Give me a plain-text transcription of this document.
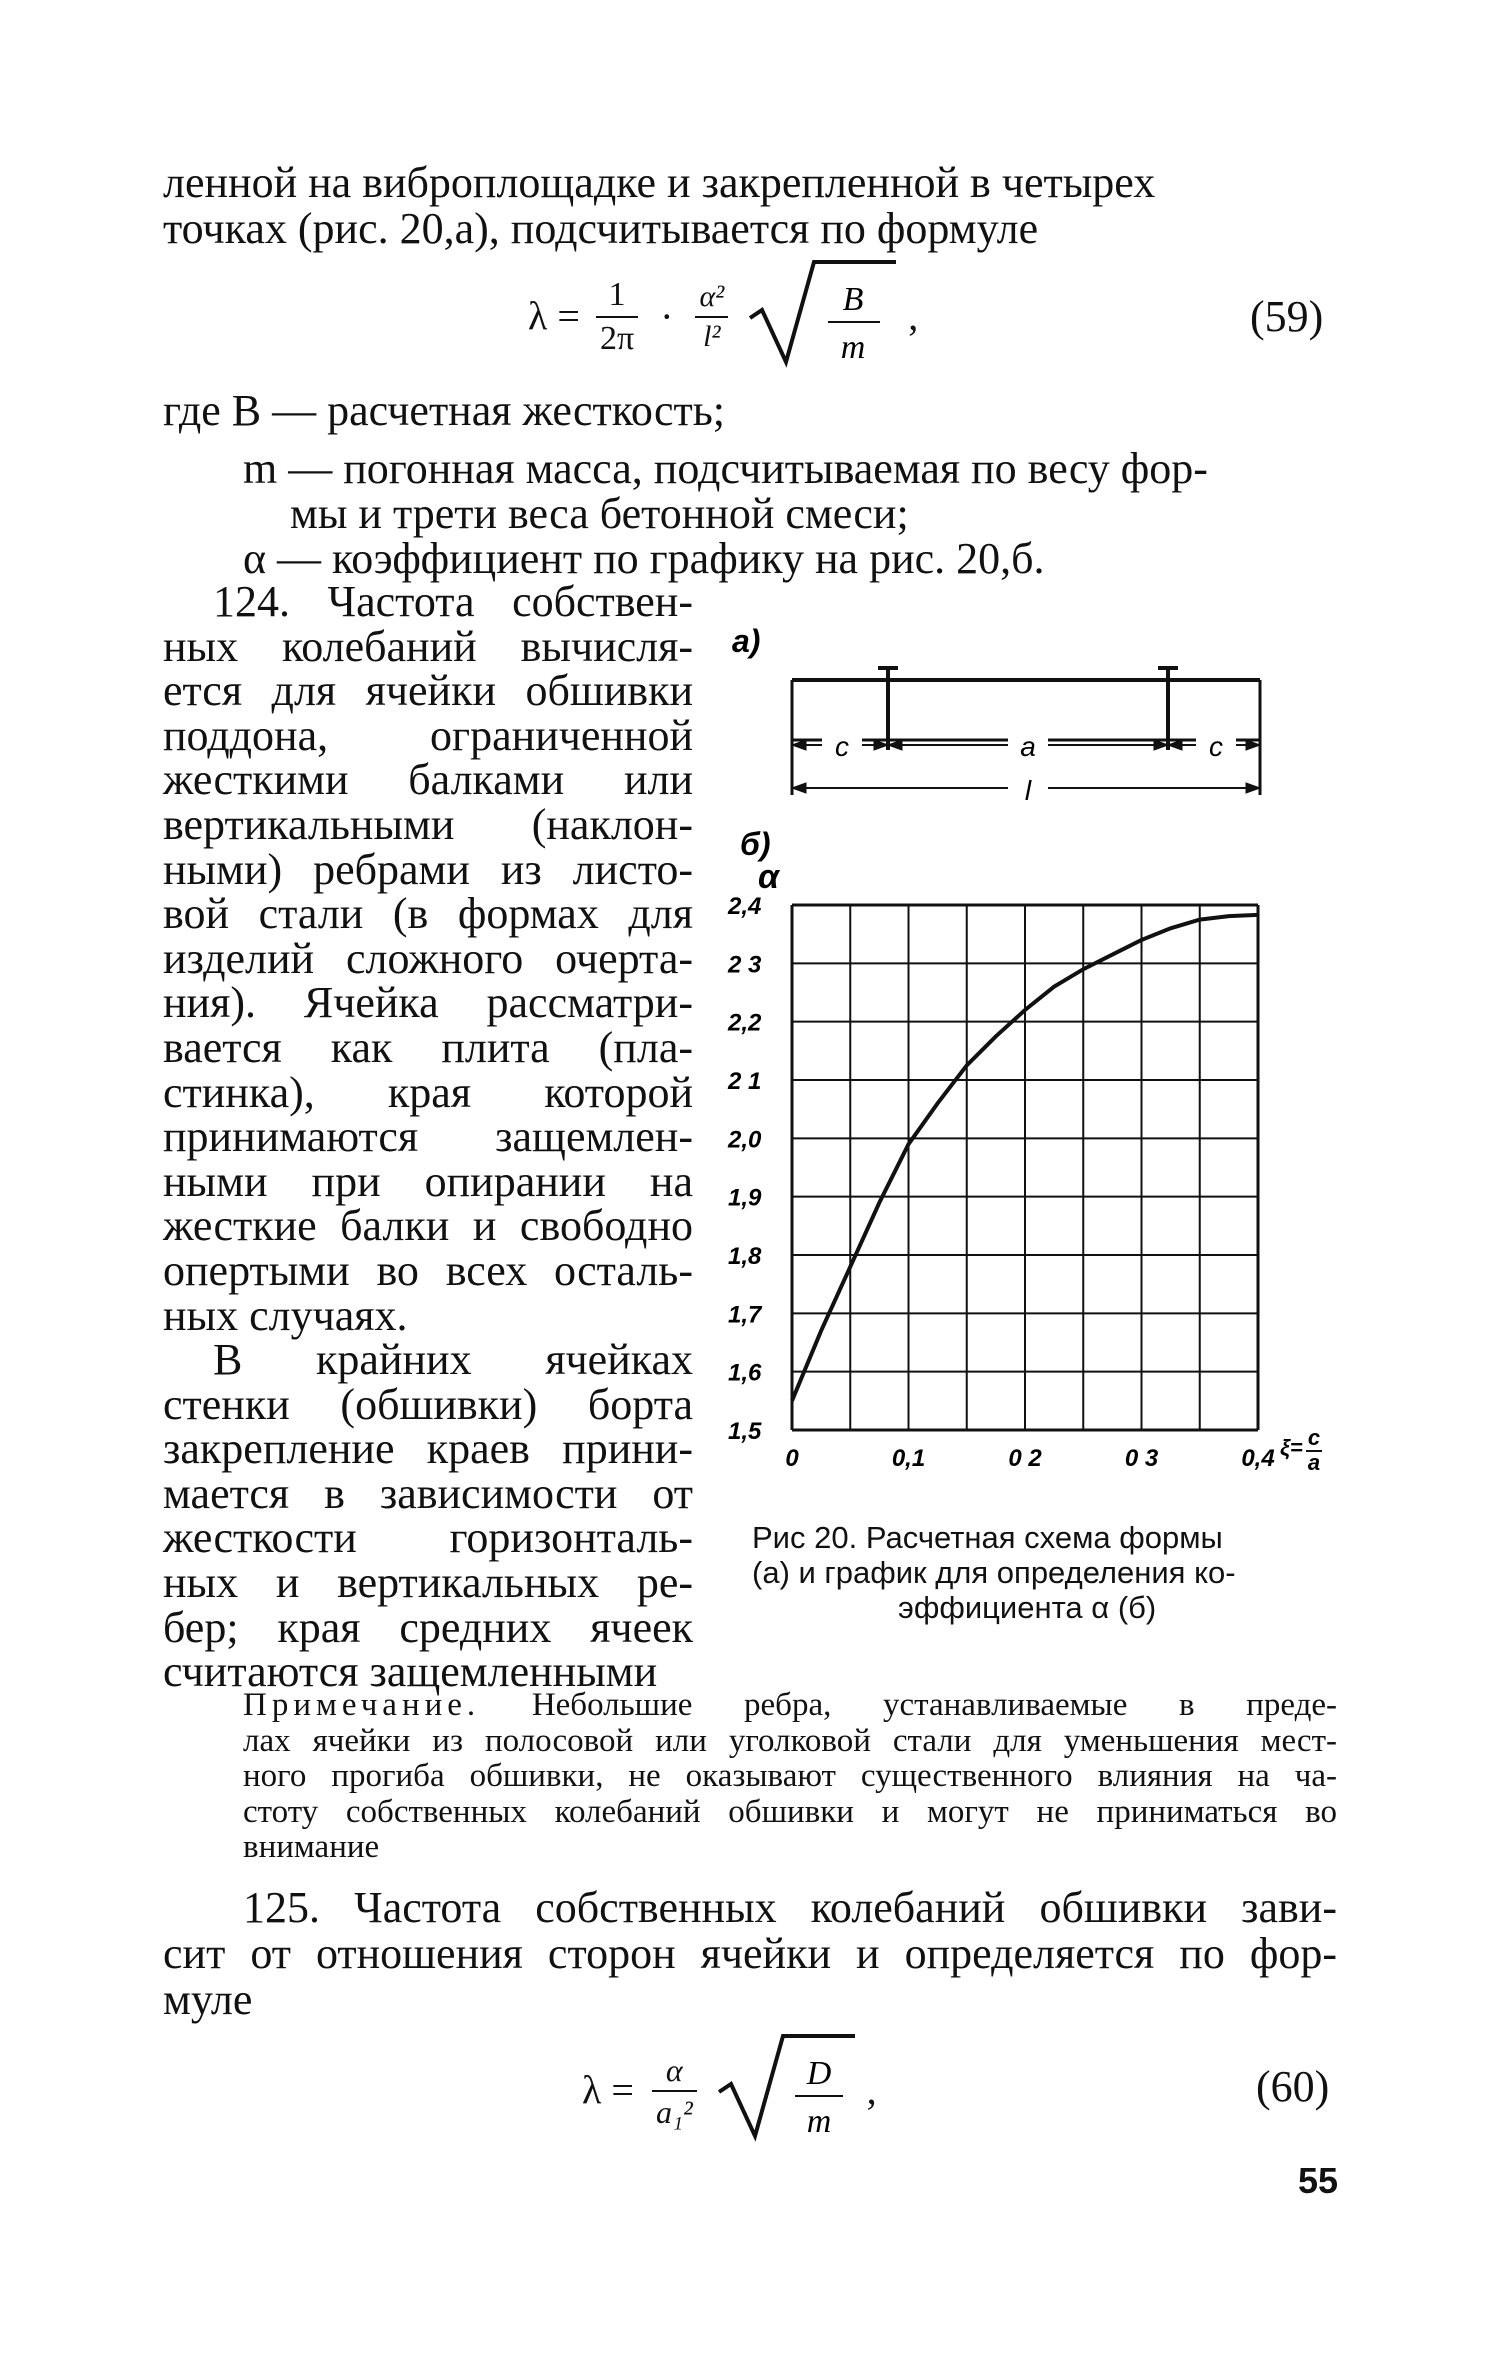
ленной на виброплощадке и закрепленной в четырех
точках (рис. 20,а), подсчитывается по формуле
$\lambda = \frac{1}{2\pi} \cdot \frac{\text{α²}}{\text{l²}}$
	B
m
,	(59)
где B — расчетная жесткость;
m — погонная масса, подсчитываемая по весу фор-
мы и трети веса бетонной смеси;
α — коэффициент по графику на рис. 20,б.
124. Частота собствен-
ных колебаний вычисля-
ется для ячейки обшивки
поддона, ограниченной
жесткими балками или
вертикальными (наклон-
ными) ребрами из листо-
вой стали (в формах для
изделий сложного очерта-
ния). Ячейка рассматри-
вается как плита (пла-
стинка), края которой
принимаются защемлен-
ными при опирании на
жесткие балки и свободно
опертыми во всех осталь-
ных случаях.
В крайних ячейках
стенки (обшивки) борта
закрепление краев прини-
мается в зависимости от
жесткости горизонталь-
ных и вертикальных ре-
бер; края средних ячеек
считаются защемленными
а)
c	a	c
l
б)
α
2,4
2 3
2,2
2 1
2,0
1,9
1,8
1,7
1,6
1,5
0	0,1	0 2	0 3	0,4 ξ= c
a
Рис 20. Расчетная схема формы
(а) и график для определения ко-
эффициента α (б)
Примечание. Небольшие ребра, устанавливаемые в преде-
лах ячейки из полосовой или уголковой стали для уменьшения мест-
ного прогиба обшивки, не оказывают существенного влияния на ча-
стоту собственных колебаний обшивки и могут не приниматься во
внимание
125. Частота собственных колебаний обшивки зави-
сит от отношения сторон ячейки и определяется по фор-
муле
$\lambda = \frac{\alpha}{\text{a₁²}}$
	D
m
,	(60)
55
